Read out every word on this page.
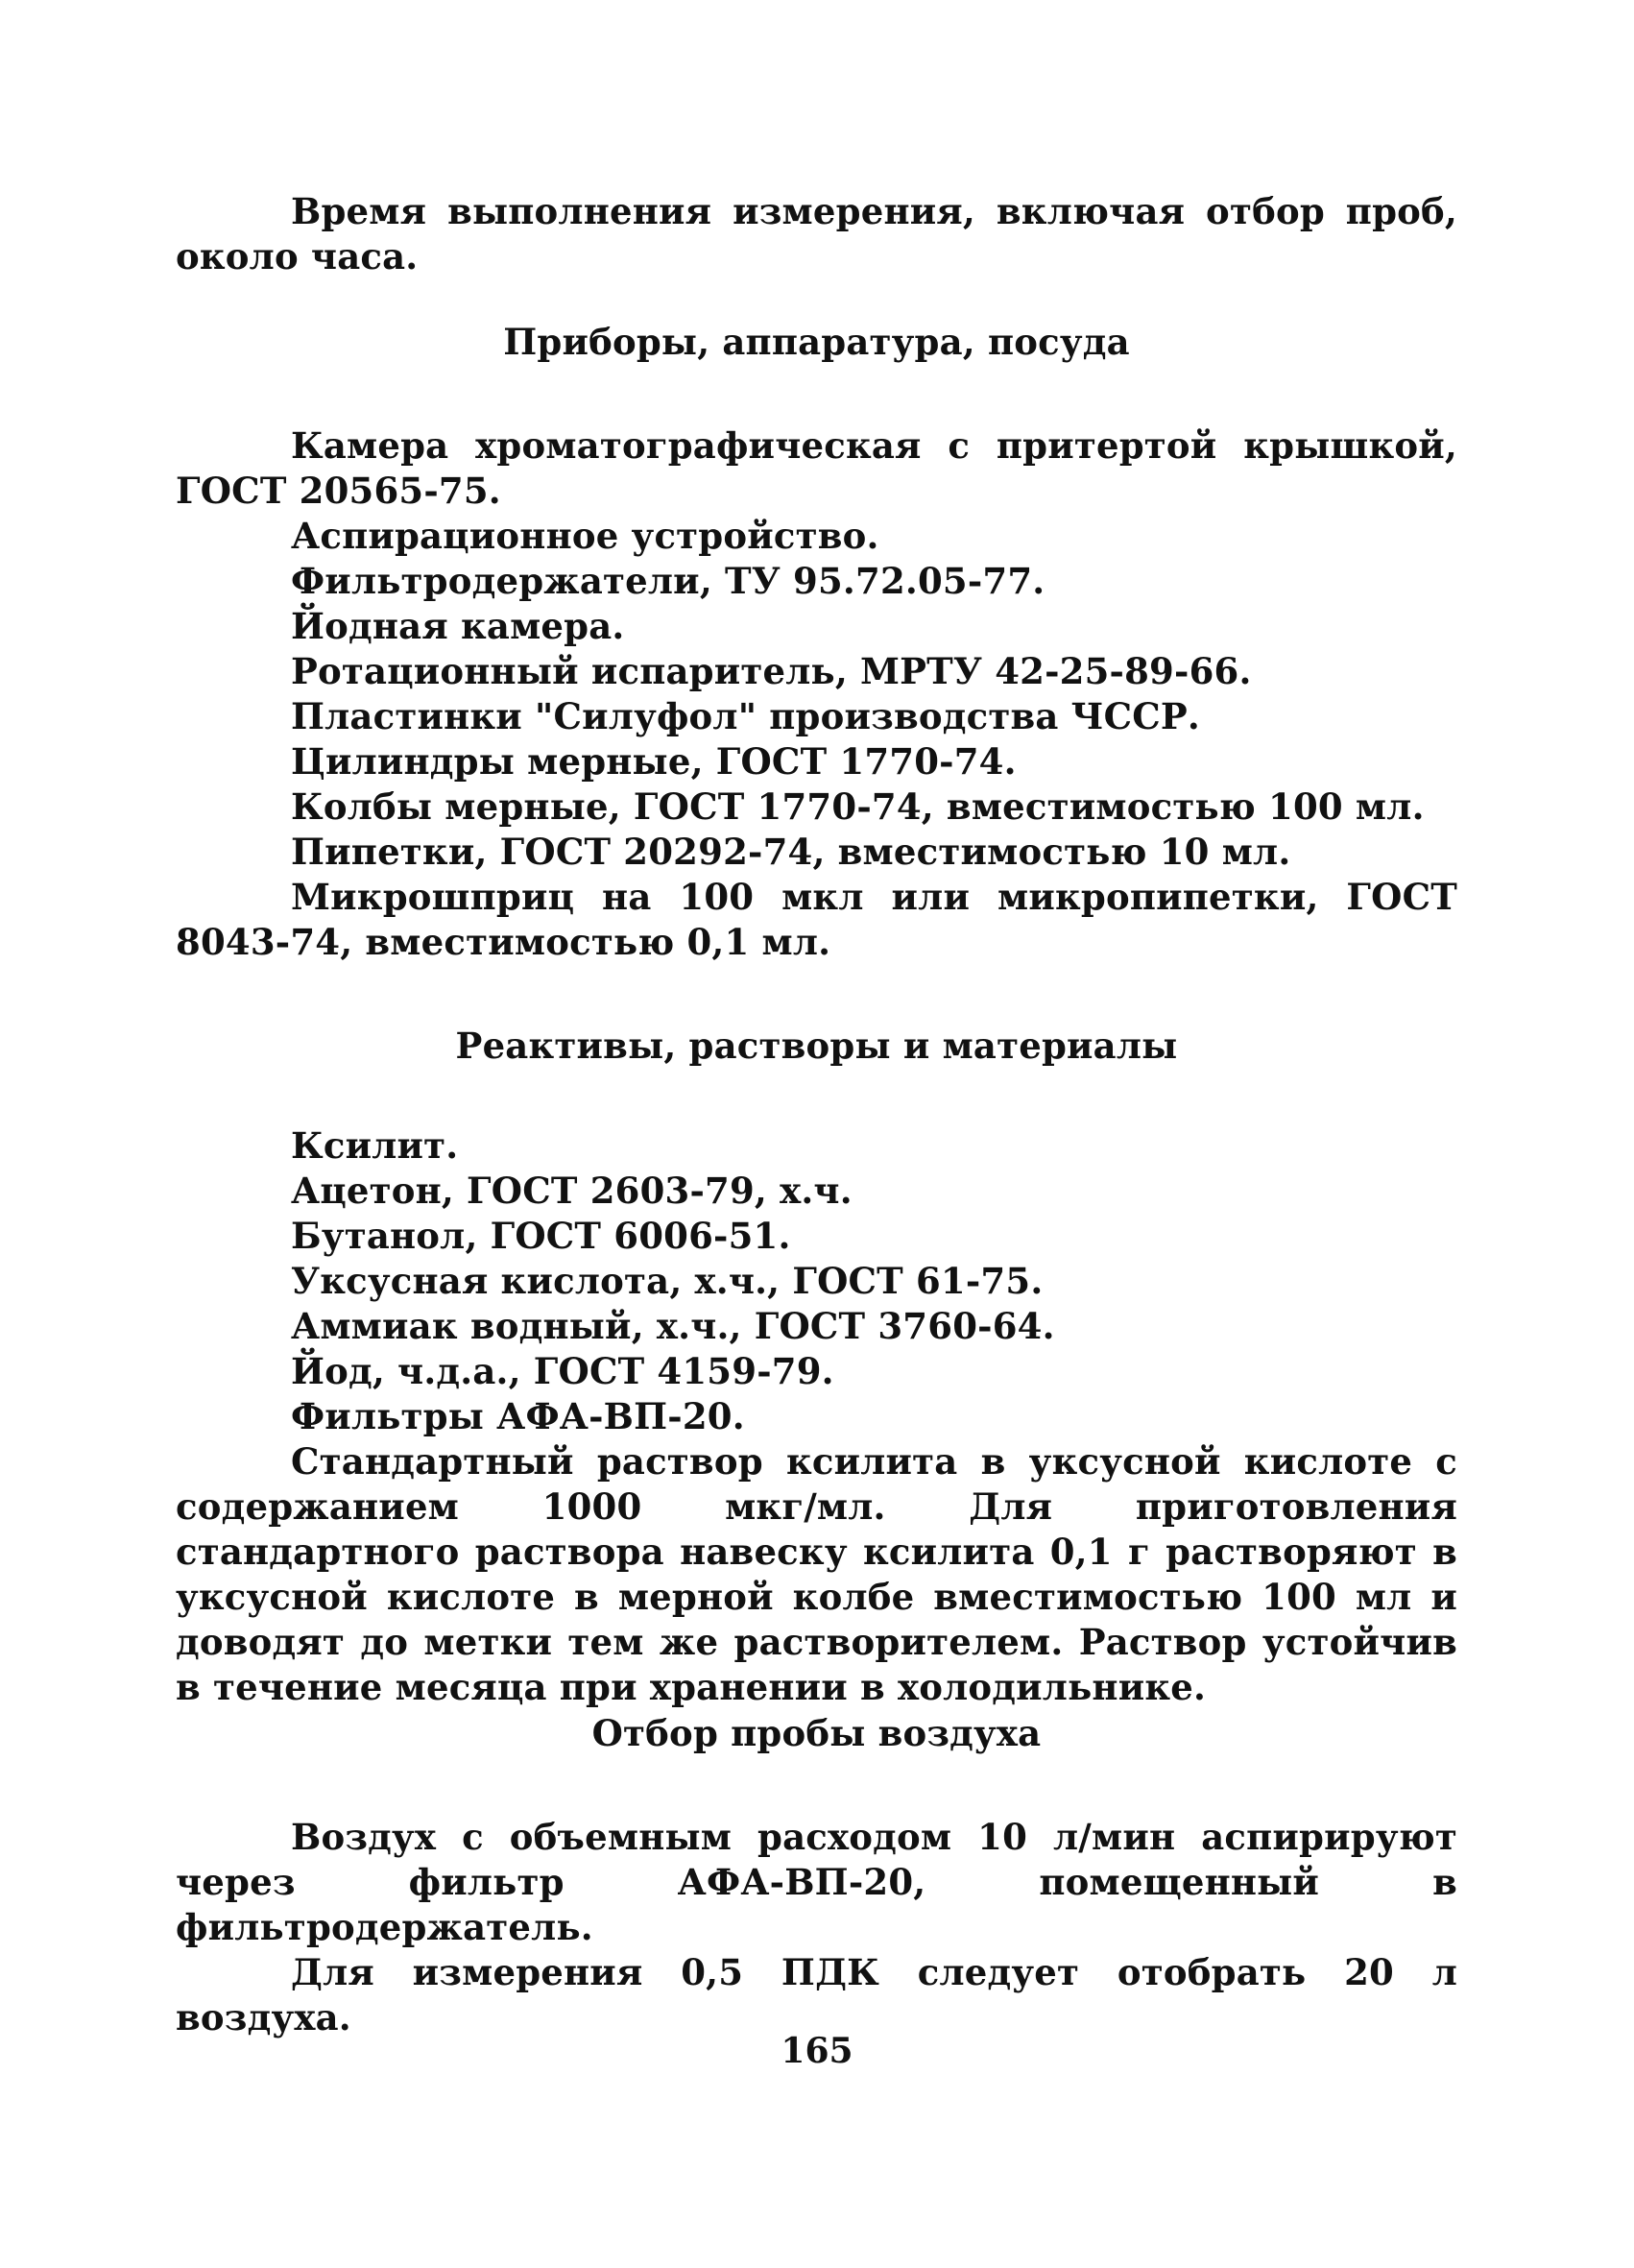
Время выполнения измерения, включая отбор проб, около часа.

Приборы, аппаратура, посуда

Камера хроматографическая с притертой крышкой, ГОСТ 20565-75.

Аспирационное устройство.

Фильтродержатели, ТУ 95.72.05-77.

Йодная камера.

Ротационный испаритель, МРТУ 42-25-89-66.

Пластинки "Силуфол" производства ЧССР.

Цилиндры мерные, ГОСТ 1770-74.

Колбы мерные, ГОСТ 1770-74, вместимостью 100 мл.

Пипетки, ГОСТ 20292-74, вместимостью 10 мл.

Микрошприц на 100 мкл или микропипетки, ГОСТ 8043-74, вместимостью 0,1 мл.

Реактивы, растворы и материалы

Ксилит.

Ацетон, ГОСТ 2603-79, х.ч.

Бутанол, ГОСТ 6006-51.

Уксусная кислота, х.ч., ГОСТ 61-75.

Аммиак водный, х.ч., ГОСТ 3760-64.

Йод, ч.д.а., ГОСТ 4159-79.

Фильтры АФА-ВП-20.

Стандартный раствор ксилита в уксусной кислоте с содержанием 1000 мкг/мл. Для приготовления стандартного раствора навеску ксилита 0,1 г растворяют в уксусной кислоте в мерной колбе вместимостью 100 мл и доводят до метки тем же растворителем. Раствор устойчив в течение месяца при хранении в холодильнике.

Отбор пробы воздуха

Воздух с объемным расходом 10 л/мин аспирируют через фильтр АФА-ВП-20, помещенный в фильтродержатель.

Для измерения 0,5 ПДК следует отобрать 20 л воздуха.

165
